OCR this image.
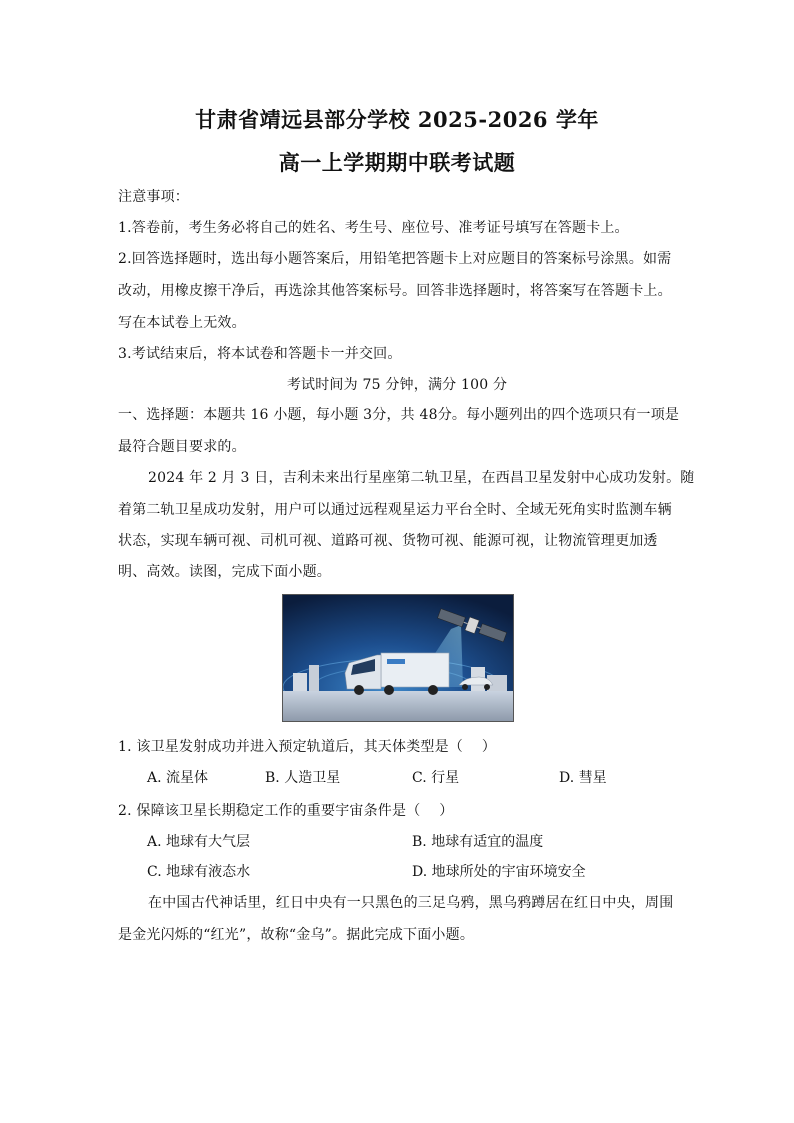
甘肃省靖远县部分学校 2025-2026 学年
高一上学期期中联考试题
注意事项：
1.答卷前，考生务必将自己的姓名、考生号、座位号、准考证号填写在答题卡上。
2.回答选择题时，选出每小题答案后，用铅笔把答题卡上对应题目的答案标号涂黑。如需
改动，用橡皮擦干净后，再选涂其他答案标号。回答非选择题时，将答案写在答题卡上。
写在本试卷上无效。
3.考试结束后，将本试卷和答题卡一并交回。
考试时间为 75 分钟，满分 100 分
一、选择题：本题共 16 小题，每小题 3分，共 48分。每小题列出的四个选项只有一项是
最符合题目要求的。
2024 年 2 月 3 日，吉利未来出行星座第二轨卫星，在西昌卫星发射中心成功发射。随
着第二轨卫星成功发射，用户可以通过远程观星运力平台全时、全域无死角实时监测车辆
状态，实现车辆可视、司机可视、道路可视、货物可视、能源可视，让物流管理更加透
明、高效。读图，完成下面小题。
1. 该卫星发射成功并进入预定轨道后，其天体类型是（　 ）
A. 流星体	B. 人造卫星	C. 行星	D. 彗星
2. 保障该卫星长期稳定工作的重要宇宙条件是（　 ）
A. 地球有大气层	B. 地球有适宜的温度
C. 地球有液态水	D. 地球所处的宇宙环境安全
在中国古代神话里，红日中央有一只黑色的三足乌鸦，黑乌鸦蹲居在红日中央，周围
是金光闪烁的“红光”，故称“金乌”。据此完成下面小题。
